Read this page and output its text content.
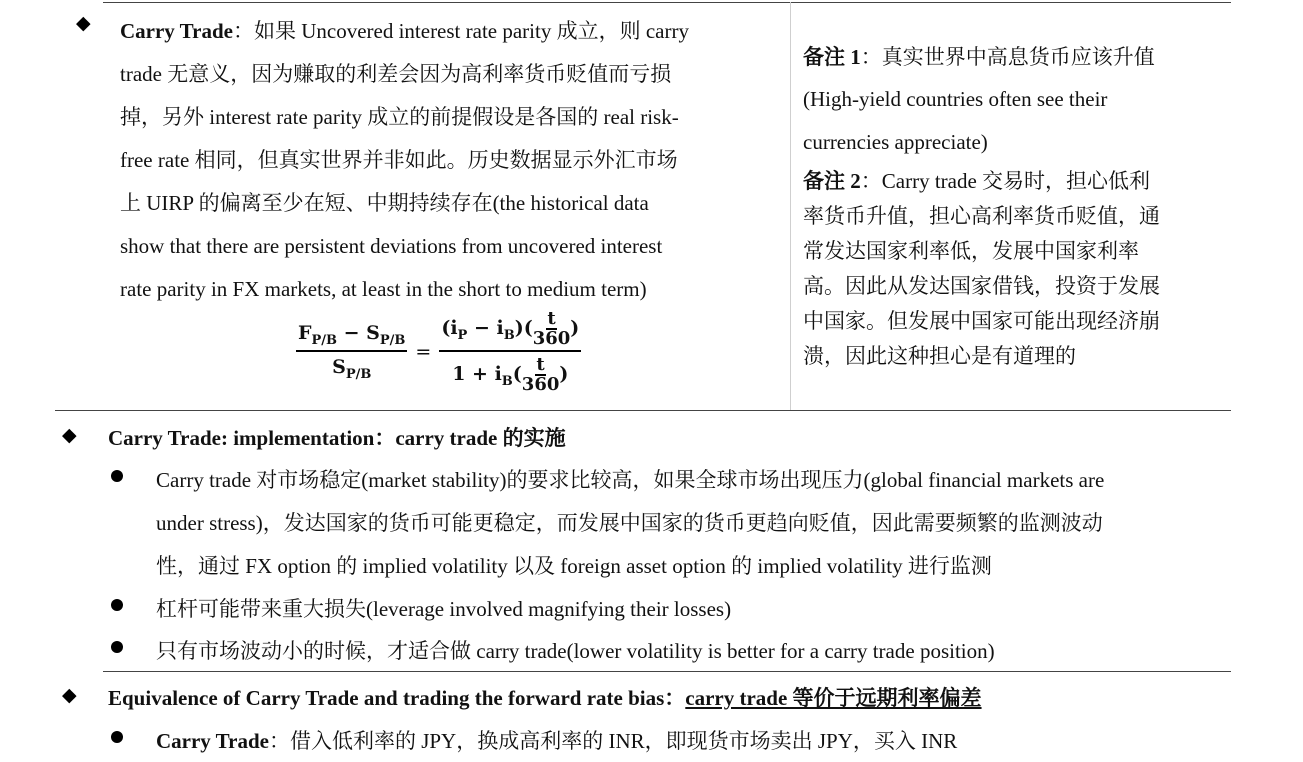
◆ Carry Trade：如果 Uncovered interest rate parity 成立，则 carry
trade 无意义，因为赚取的利差会因为高利率货币贬值而亏损
掉，另外 interest rate parity 成立的前提假设是各国的 real risk-
free rate 相同，但真实世界并非如此。历史数据显示外汇市场
上 UIRP 的偏离至少在短、中期持续存在(the historical data
show that there are persistent deviations from uncovered interest
rate parity in FX markets, at least in the short to medium term)
$\frac{F_{P/B} - S_{P/B}}{S_{P/B}} = \frac{(i_P - i_B)( \frac{t}{360} )}{1 + i_B( \frac{t}{360} )}$
备注 1：真实世界中高息货币应该升值
(High-yield countries often see their
currencies appreciate)
备注 2：Carry trade 交易时，担心低利
率货币升值，担心高利率货币贬值，通
常发达国家利率低，发展中国家利率
高。因此从发达国家借钱，投资于发展
中国家。但发展中国家可能出现经济崩
溃，因此这种担心是有道理的
◆ Carry Trade: implementation：carry trade 的实施
Carry trade 对市场稳定(market stability)的要求比较高，如果全球市场出现压力(global financial markets are
under stress)，发达国家的货币可能更稳定，而发展中国家的货币更趋向贬值，因此需要频繁的监测波动
性，通过 FX option 的 implied volatility 以及 foreign asset option 的 implied volatility 进行监测
杠杆可能带来重大损失(leverage involved magnifying their losses)
只有市场波动小的时候，才适合做 carry trade(lower volatility is better for a carry trade position)
◆ Equivalence of Carry Trade and trading the forward rate bias：carry trade 等价于远期利率偏差
Carry Trade：借入低利率的 JPY，换成高利率的 INR，即现货市场卖出 JPY，买入 INR
